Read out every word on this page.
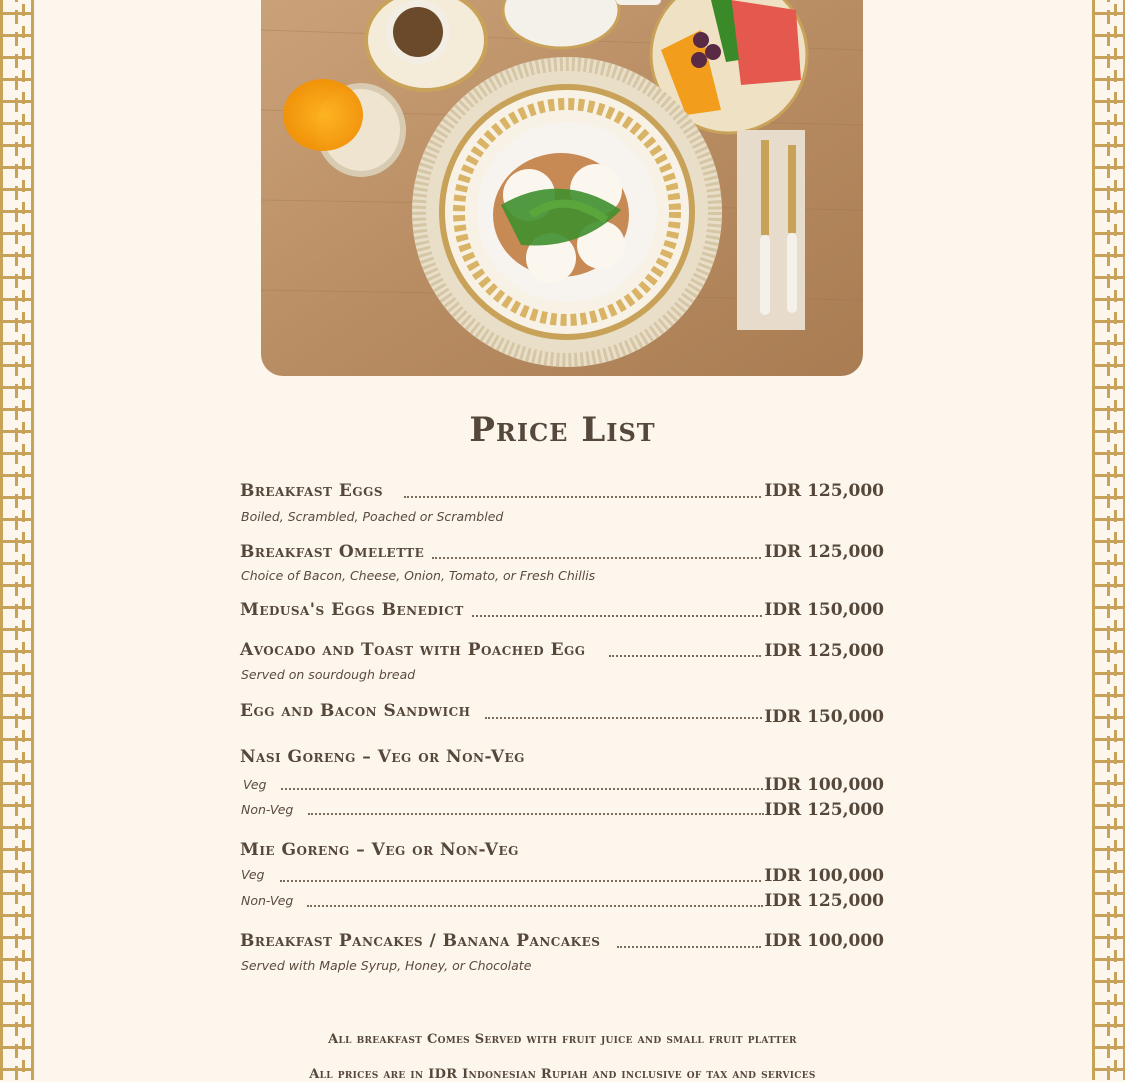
Price List
Breakfast Eggs	IDR 125,000
Boiled, Scrambled, Poached or Scrambled
Breakfast Omelette	IDR 125,000
Choice of Bacon, Cheese, Onion, Tomato, or Fresh Chillis
Medusa's Eggs Benedict	IDR 150,000
Avocado and Toast with Poached Egg	IDR 125,000
Served on sourdough bread
Egg and Bacon Sandwich	IDR 150,000
Nasi Goreng – Veg or Non-Veg
Veg	IDR 100,000
Non-Veg	IDR 125,000
Mie Goreng – Veg or Non-Veg
Veg	IDR 100,000
Non-Veg	IDR 125,000
Breakfast Pancakes / Banana Pancakes	IDR 100,000
Served with Maple Syrup, Honey, or Chocolate
All breakfast Comes Served with fruit juice and small fruit platter
All prices are in IDR Indonesian Rupiah and inclusive of tax and services
